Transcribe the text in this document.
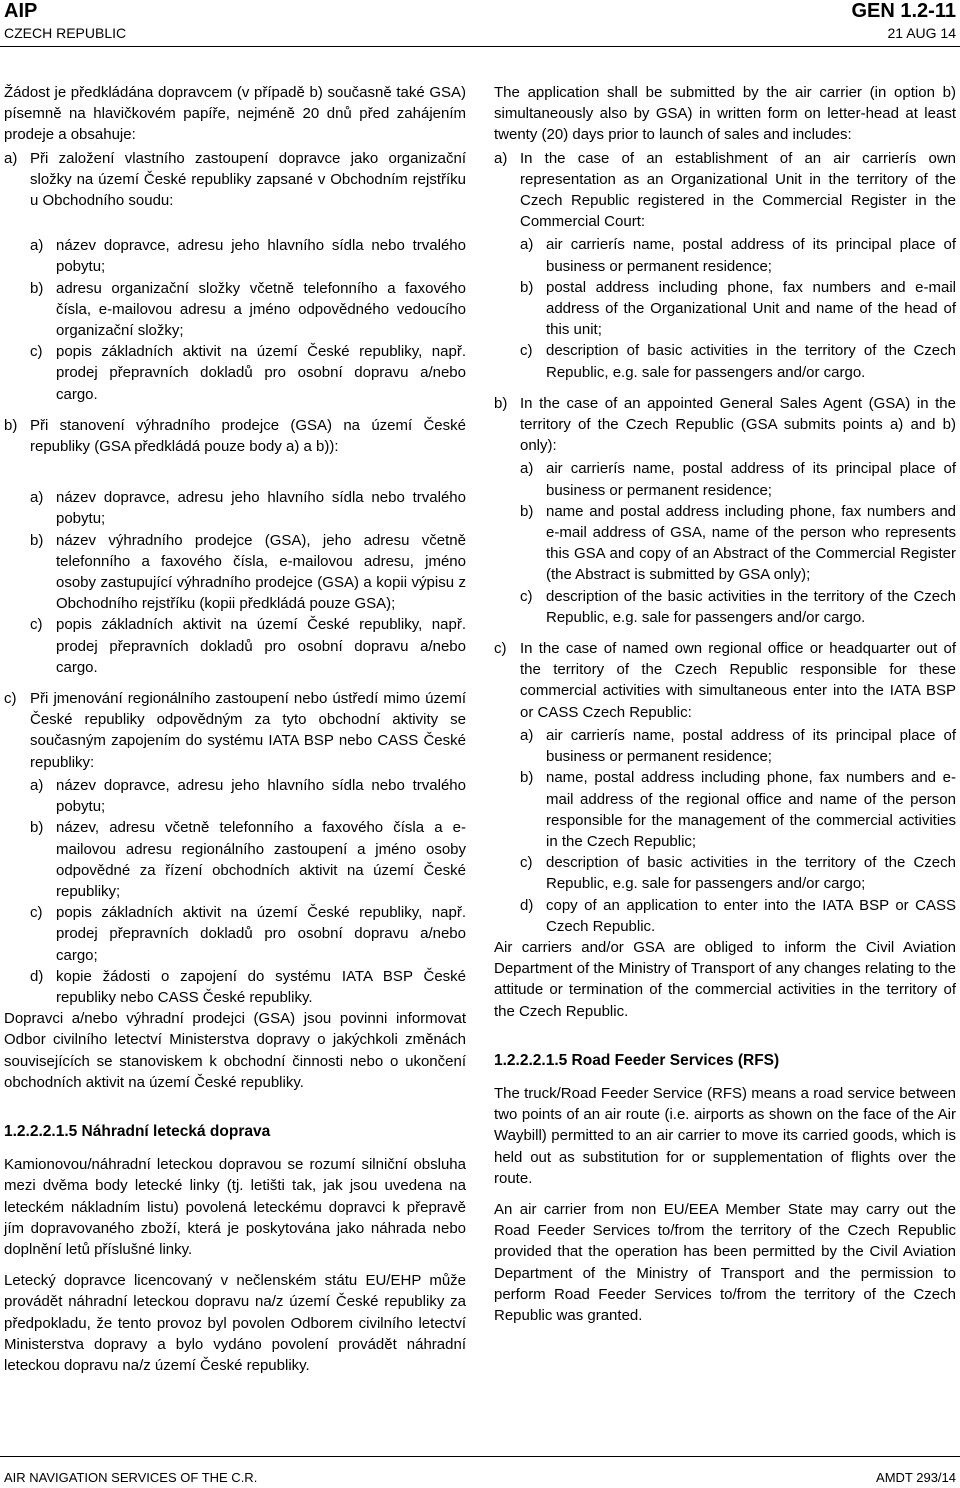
AIP
CZECH REPUBLIC
GEN 1.2-11
21 AUG 14

Žádost je předkládána dopravcem (v případě b) současně také GSA) písemně na hlavičkovém papíře, nejméně 20 dnů před zahájením prodeje a obsahuje:

a) Při založení vlastního zastoupení dopravce jako organizační složky na území České republiky zapsané v Obchodním rejstříku u Obchodního soudu:
a) název dopravce, adresu jeho hlavního sídla nebo trvalého pobytu;
b) adresu organizační složky včetně telefonního a faxového čísla, e-mailovou adresu a jméno odpovědného vedoucího organizační složky;
c) popis základních aktivit na území České republiky, např. prodej přepravních dokladů pro osobní dopravu a/nebo cargo.
b) Při stanovení výhradního prodejce (GSA) na území České republiky (GSA předkládá pouze body a) a b)):
a) název dopravce, adresu jeho hlavního sídla nebo trvalého pobytu;
b) název výhradního prodejce (GSA), jeho adresu včetně telefonního a faxového čísla, e-mailovou adresu, jméno osoby zastupující výhradního prodejce (GSA) a kopii výpisu z Obchodního rejstříku (kopii předkládá pouze GSA);
c) popis základních aktivit na území České republiky, např. prodej přepravních dokladů pro osobní dopravu a/nebo cargo.
c) Při jmenování regionálního zastoupení nebo ústředí mimo území České republiky odpovědným za tyto obchodní aktivity se současným zapojením do systému IATA BSP nebo CASS České republiky:
a) název dopravce, adresu jeho hlavního sídla nebo trvalého pobytu;
b) název, adresu včetně telefonního a faxového čísla a e-mailovou adresu regionálního zastoupení a jméno osoby odpovědné za řízení obchodních aktivit na území České republiky;
c) popis základních aktivit na území České republiky, např. prodej přepravních dokladů pro osobní dopravu a/nebo cargo;
d) kopie žádosti o zapojení do systému IATA BSP České republiky nebo CASS České republiky.

Dopravci a/nebo výhradní prodejci (GSA) jsou povinni informovat Odbor civilního letectví Ministerstva dopravy o jakýchkoli změnách souvisejících se stanoviskem k obchodní činnosti nebo o ukončení obchodních aktivit na území České republiky.

1.2.2.2.1.5 Náhradní letecká doprava

Kamionovou/náhradní leteckou dopravou se rozumí silniční obsluha mezi dvěma body letecké linky (tj. letišti tak, jak jsou uvedena na leteckém nákladním listu) povolená leteckému dopravci k přepravě jím dopravovaného zboží, která je poskytována jako náhrada nebo doplnění letů příslušné linky.

Letecký dopravce licencovaný v nečlenském státu EU/EHP může provádět náhradní leteckou dopravu na/z území České republiky za předpokladu, že tento provoz byl povolen Odborem civilního letectví Ministerstva dopravy a bylo vydáno povolení provádět náhradní leteckou dopravu na/z území České republiky.

The application shall be submitted by the air carrier (in option b) simultaneously also by GSA) in written form on letter-head at least twenty (20) days prior to launch of sales and includes:

a) In the case of an establishment of an air carrierís own representation as an Organizational Unit in the territory of the Czech Republic registered in the Commercial Register in the Commercial Court:
a) air carrierís name, postal address of its principal place of business or permanent residence;
b) postal address including phone, fax numbers and e-mail address of the Organizational Unit and name of the head of this unit;
c) description of basic activities in the territory of the Czech Republic, e.g. sale for passengers and/or cargo.
b) In the case of an appointed General Sales Agent (GSA) in the territory of the Czech Republic (GSA submits points a) and b) only):
a) air carrierís name, postal address of its principal place of business or permanent residence;
b) name and postal address including phone, fax numbers and e-mail address of GSA, name of the person who represents this GSA and copy of an Abstract of the Commercial Register (the Abstract is submitted by GSA only);
c) description of the basic activities in the territory of the Czech Republic, e.g. sale for passengers and/or cargo.
c) In the case of named own regional office or headquarter out of the territory of the Czech Republic responsible for these commercial activities with simultaneous enter into the IATA BSP or CASS Czech Republic:
a) air carrierís name, postal address of its principal place of business or permanent residence;
b) name, postal address including phone, fax numbers and e-mail address of the regional office and name of the person responsible for the management of the commercial activities in the Czech Republic;
c) description of basic activities in the territory of the Czech Republic, e.g. sale for passengers and/or cargo;
d) copy of an application to enter into the IATA BSP or CASS Czech Republic.

Air carriers and/or GSA are obliged to inform the Civil Aviation Department of the Ministry of Transport of any changes relating to the attitude or termination of the commercial activities in the territory of the Czech Republic.

1.2.2.2.1.5 Road Feeder Services (RFS)

The truck/Road Feeder Service (RFS) means a road service between two points of an air route (i.e. airports as shown on the face of the Air Waybill) permitted to an air carrier to move its carried goods, which is held out as substitution for or supplementation of flights over the route.

An air carrier from non EU/EEA Member State may carry out the Road Feeder Services to/from the territory of the Czech Republic provided that the operation has been permitted by the Civil Aviation Department of the Ministry of Transport and the permission to perform Road Feeder Services to/from the territory of the Czech Republic was granted.

AIR NAVIGATION SERVICES OF THE C.R.	AMDT 293/14
